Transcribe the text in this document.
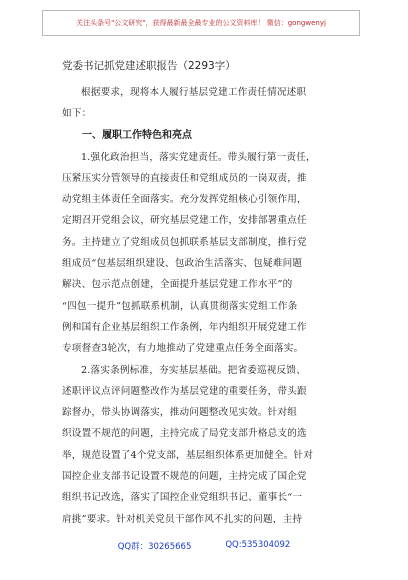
关注头条号"公文研究"，获得最新最全最专业的公文资料库！ 微信：gongwenyj
党委书记抓党建述职报告（2293字）
根据要求，现将本人履行基层党建工作责任情况述职
如下：
一、履职工作特色和亮点
1.强化政治担当，落实党建责任。带头履行第一责任，
压紧压实分管领导的直接责任和党组成员的一岗双责，推
动党组主体责任全面落实。充分发挥党组核心引领作用，
定期召开党组会议，研究基层党建工作，安排部署重点任
务。主持建立了党组成员包抓联系基层支部制度，推行党
组成员“包基层组织建设、包政治生活落实、包疑难问题
解决、包示范点创建，全面提升基层党建工作水平”的
“四包一提升”包抓联系机制，认真贯彻落实党组工作条
例和国有企业基层组织工作条例，年内组织开展党建工作
专项督查3轮次，有力地推动了党建重点任务全面落实。
2.落实条例标准，夯实基层基础。把省委巡视反馈、
述职评议点评问题整改作为基层党建的重要任务，带头跟
踪督办，带头协调落实，推动问题整改见实效。针对组
织设置不规范的问题，主持完成了局党支部升格总支的选
举，规范设置了4个党支部，基层组织体系更加健全。针对
国控企业支部书记设置不规范的问题，主持完成了国企党
组织书记改选，落实了国控企业党组织书记、董事长“一
肩挑”要求。针对机关党员干部作风不扎实的问题，主持
QQ群：30265665	QQ:535304092
